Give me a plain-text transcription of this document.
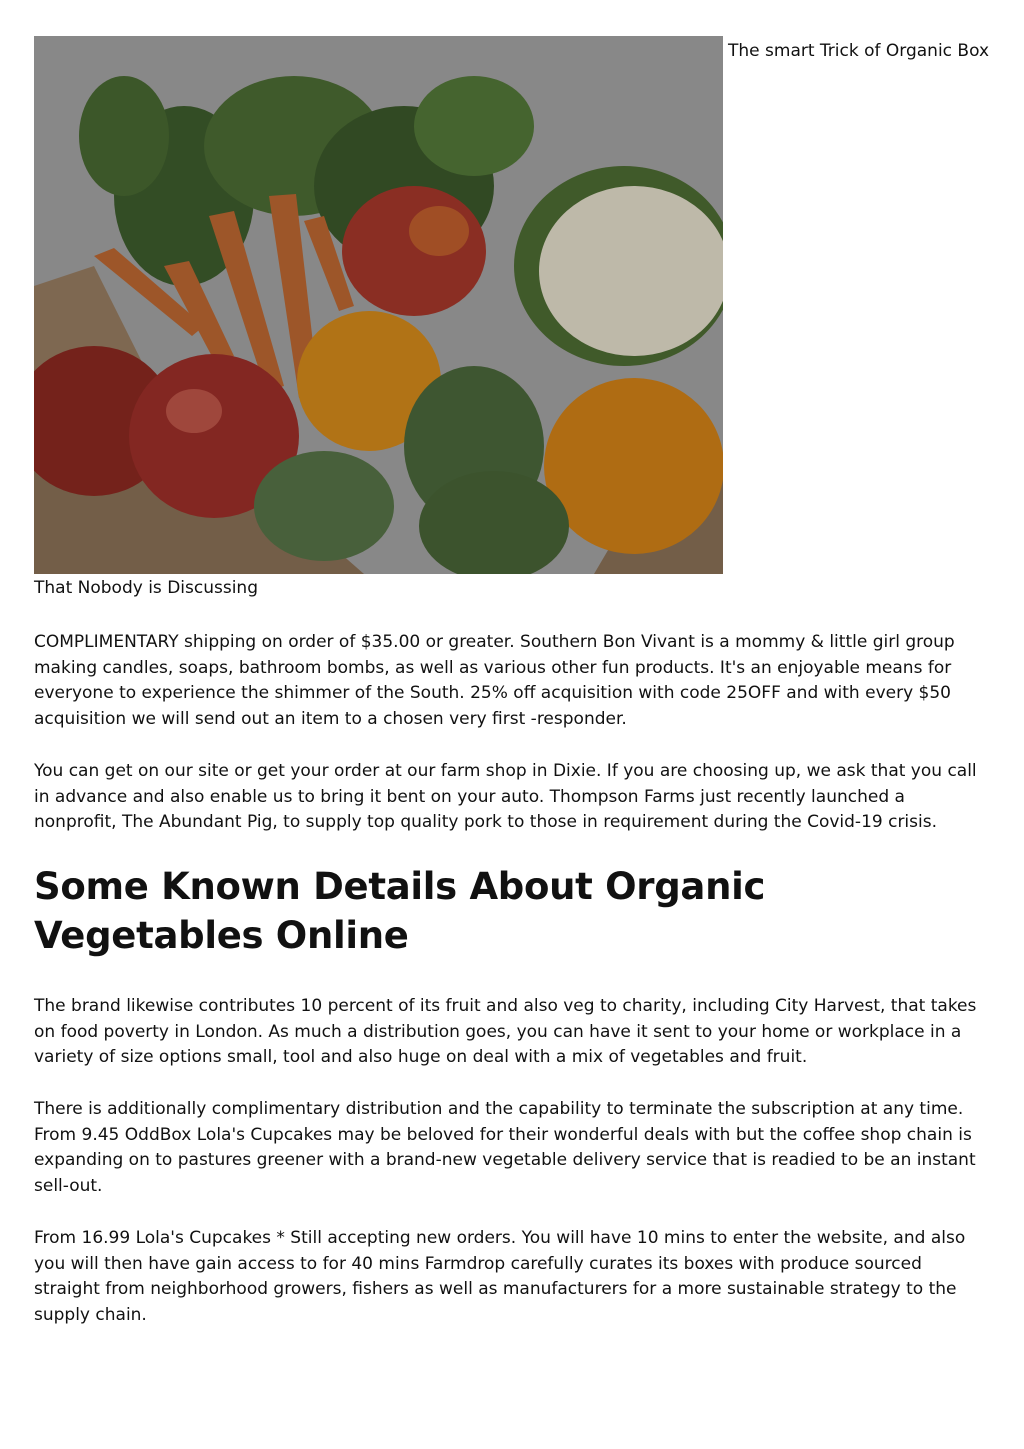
The smart Trick of Organic Box
That Nobody is Discussing

COMPLIMENTARY shipping on order of $35.00 or greater. Southern Bon Vivant is a mommy & little girl group making candles, soaps, bathroom bombs, as well as various other fun products. It's an enjoyable means for everyone to experience the shimmer of the South. 25% off acquisition with code 25OFF and with every $50 acquisition we will send out an item to a chosen very first -responder.

You can get on our site or get your order at our farm shop in Dixie. If you are choosing up, we ask that you call in advance and also enable us to bring it bent on your auto. Thompson Farms just recently launched a nonprofit, The Abundant Pig, to supply top quality pork to those in requirement during the Covid-19 crisis.

Some Known Details About Organic Vegetables Online

The brand likewise contributes 10 percent of its fruit and also veg to charity, including City Harvest, that takes on food poverty in London. As much a distribution goes, you can have it sent to your home or workplace in a variety of size options small, tool and also huge on deal with a mix of vegetables and fruit.

There is additionally complimentary distribution and the capability to terminate the subscription at any time. From 9.45 OddBox Lola's Cupcakes may be beloved for their wonderful deals with but the coffee shop chain is expanding on to pastures greener with a brand-new vegetable delivery service that is readied to be an instant sell-out.

From 16.99 Lola's Cupcakes * Still accepting new orders. You will have 10 mins to enter the website, and also you will then have gain access to for 40 mins Farmdrop carefully curates its boxes with produce sourced straight from neighborhood growers, fishers as well as manufacturers for a more sustainable strategy to the supply chain.
